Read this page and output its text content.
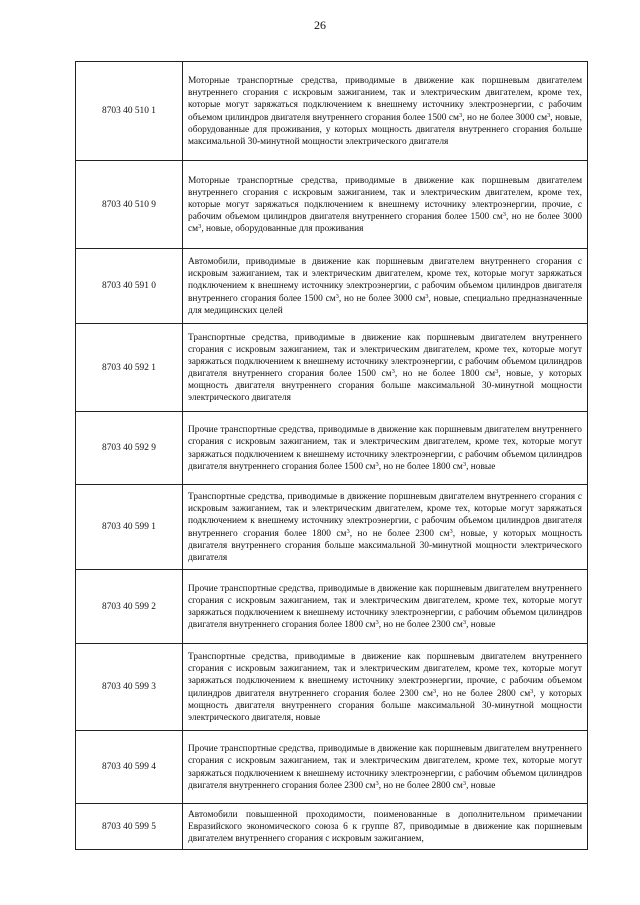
26
8703 40 510 1	Моторные транспортные средства, приводимые в движение как поршневым двигателем внутреннего сгорания с искровым зажиганием, так и электрическим двигателем, кроме тех, которые могут заряжаться подключением к внешнему источнику электроэнергии, с рабочим объемом цилиндров двигателя внутреннего сгорания более 1500 $см^3$, но не более 3000 $см^3$, новые, оборудованные для проживания, у которых мощность двигателя внутреннего сгорания больше максимальной 30-минутной мощности электрического двигателя
8703 40 510 9	Моторные транспортные средства, приводимые в движение как поршневым двигателем внутреннего сгорания с искровым зажиганием, так и электрическим двигателем, кроме тех, которые могут заряжаться подключением к внешнему источнику электроэнергии, прочие, с рабочим объемом цилиндров двигателя внутреннего сгорания более 1500 $см^3$, но не более 3000 $см^3$, новые, оборудованные для проживания
8703 40 591 0	Автомобили, приводимые в движение как поршневым двигателем внутреннего сгорания с искровым зажиганием, так и электрическим двигателем, кроме тех, которые могут заряжаться подключением к внешнему источнику электроэнергии, с рабочим объемом цилиндров двигателя внутреннего сгорания более 1500 $см^3$, но не более 3000 $см^3$, новые, специально предназначенные для медицинских целей
8703 40 592 1	Транспортные средства, приводимые в движение как поршневым двигателем внутреннего сгорания с искровым зажиганием, так и электрическим двигателем, кроме тех, которые могут заряжаться подключением к внешнему источнику электроэнергии, с рабочим объемом цилиндров двигателя внутреннего сгорания более 1500 $см^3$, но не более 1800 $см^3$, новые, у которых мощность двигателя внутреннего сгорания больше максимальной 30-минутной мощности электрического двигателя
8703 40 592 9	Прочие транспортные средства, приводимые в движение как поршневым двигателем внутреннего сгорания с искровым зажиганием, так и электрическим двигателем, кроме тех, которые могут заряжаться подключением к внешнему источнику электроэнергии, с рабочим объемом цилиндров двигателя внутреннего сгорания более 1500 $см^3$, но не более 1800 $см^3$, новые
8703 40 599 1	Транспортные средства, приводимые в движение поршневым двигателем внутреннего сгорания с искровым зажиганием, так и электрическим двигателем, кроме тех, которые могут заряжаться подключением к внешнему источнику электроэнергии, с рабочим объемом цилиндров двигателя внутреннего сгорания более 1800 $см^3$, но не более 2300 $см^3$, новые, у которых мощность двигателя внутреннего сгорания больше максимальной 30-минутной мощности электрического двигателя
8703 40 599 2	Прочие транспортные средства, приводимые в движение как поршневым двигателем внутреннего сгорания с искровым зажиганием, так и электрическим двигателем, кроме тех, которые могут заряжаться подключением к внешнему источнику электроэнергии, с рабочим объемом цилиндров двигателя внутреннего сгорания более 1800 $см^3$, но не более 2300 $см^3$, новые
8703 40 599 3	Транспортные средства, приводимые в движение как поршневым двигателем внутреннего сгорания с искровым зажиганием, так и электрическим двигателем, кроме тех, которые могут заряжаться подключением к внешнему источнику электроэнергии, прочие, с рабочим объемом цилиндров двигателя внутреннего сгорания более 2300 $см^3$, но не более 2800 $см^3$, у которых мощность двигателя внутреннего сгорания больше максимальной 30-минутной мощности электрического двигателя, новые
8703 40 599 4	Прочие транспортные средства, приводимые в движение как поршневым двигателем внутреннего сгорания с искровым зажиганием, так и электрическим двигателем, кроме тех, которые могут заряжаться подключением к внешнему источнику электроэнергии, с рабочим объемом цилиндров двигателя внутреннего сгорания более 2300 $см^3$, но не более 2800 $см^3$, новые
8703 40 599 5	Автомобили повышенной проходимости, поименованные в дополнительном примечании Евразийского экономического союза 6 к группе 87, приводимые в движение как поршневым двигателем внутреннего сгорания с искровым зажиганием,
